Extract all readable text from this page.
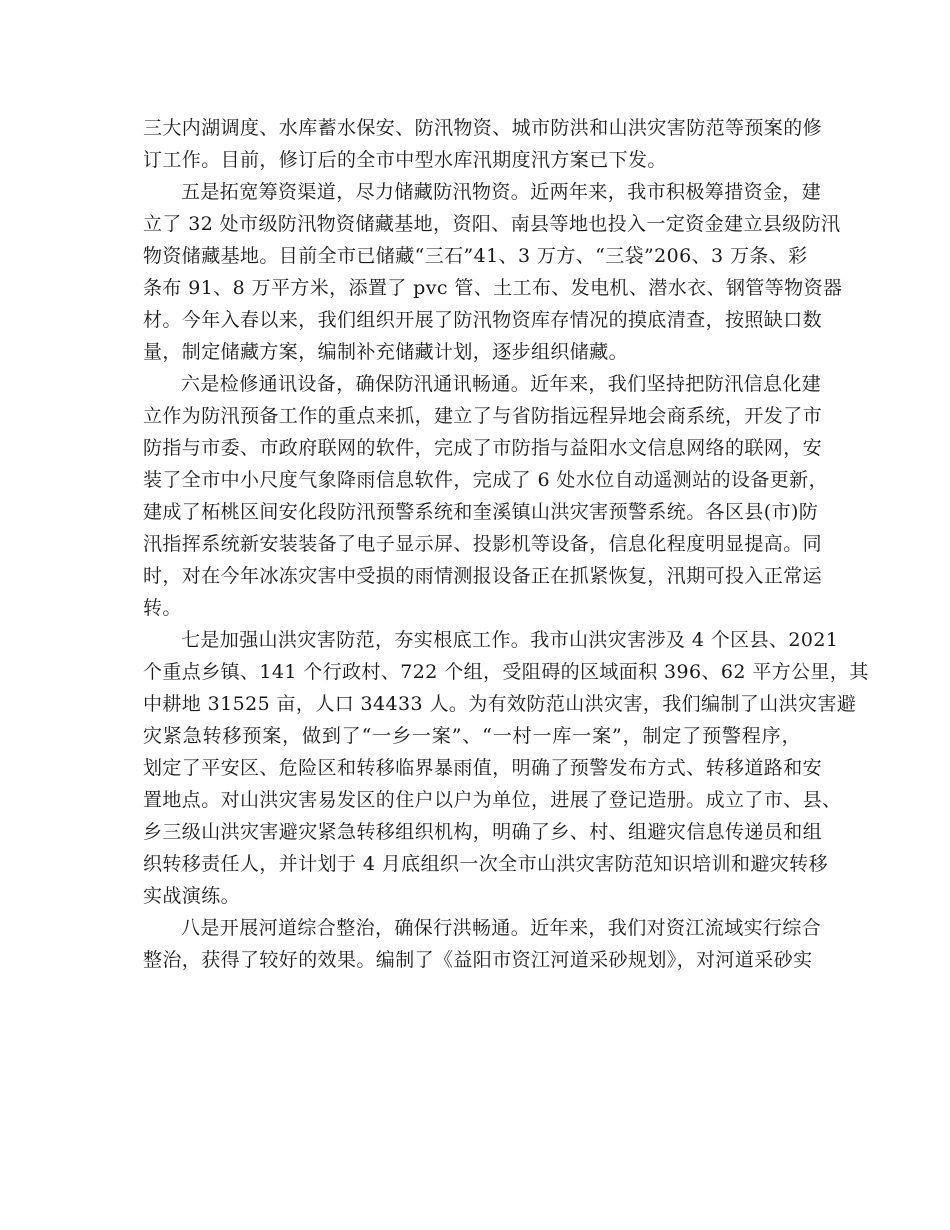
三大内湖调度、水库蓄水保安、防汛物资、城市防洪和山洪灾害防范等预案的修
订工作。目前，修订后的全市中型水库汛期度汛方案已下发。
五是拓宽筹资渠道，尽力储藏防汛物资。近两年来，我市积极筹措资金，建
立了 32 处市级防汛物资储藏基地，资阳、南县等地也投入一定资金建立县级防汛
物资储藏基地。目前全市已储藏“三石”41、3 万方、“三袋”206、3 万条、彩
条布 91、8 万平方米，添置了 pvc 管、土工布、发电机、潜水衣、钢管等物资器
材。今年入春以来，我们组织开展了防汛物资库存情况的摸底清查，按照缺口数
量，制定储藏方案，编制补充储藏计划，逐步组织储藏。
六是检修通讯设备，确保防汛通讯畅通。近年来，我们坚持把防汛信息化建
立作为防汛预备工作的重点来抓，建立了与省防指远程异地会商系统，开发了市
防指与市委、市政府联网的软件，完成了市防指与益阳水文信息网络的联网，安
装了全市中小尺度气象降雨信息软件，完成了 6 处水位自动遥测站的设备更新，
建成了柘桃区间安化段防汛预警系统和奎溪镇山洪灾害预警系统。各区县(市)防
汛指挥系统新安装装备了电子显示屏、投影机等设备，信息化程度明显提高。同
时，对在今年冰冻灾害中受损的雨情测报设备正在抓紧恢复，汛期可投入正常运
转。
七是加强山洪灾害防范，夯实根底工作。我市山洪灾害涉及 4 个区县、2021
个重点乡镇、141 个行政村、722 个组，受阻碍的区域面积 396、62 平方公里，其
中耕地 31525 亩，人口 34433 人。为有效防范山洪灾害，我们编制了山洪灾害避
灾紧急转移预案，做到了“一乡一案”、“一村一库一案”，制定了预警程序，
划定了平安区、危险区和转移临界暴雨值，明确了预警发布方式、转移道路和安
置地点。对山洪灾害易发区的住户以户为单位，进展了登记造册。成立了市、县、
乡三级山洪灾害避灾紧急转移组织机构，明确了乡、村、组避灾信息传递员和组
织转移责任人，并计划于 4 月底组织一次全市山洪灾害防范知识培训和避灾转移
实战演练。
八是开展河道综合整治，确保行洪畅通。近年来，我们对资江流域实行综合
整治，获得了较好的效果。编制了《益阳市资江河道采砂规划》，对河道采砂实
